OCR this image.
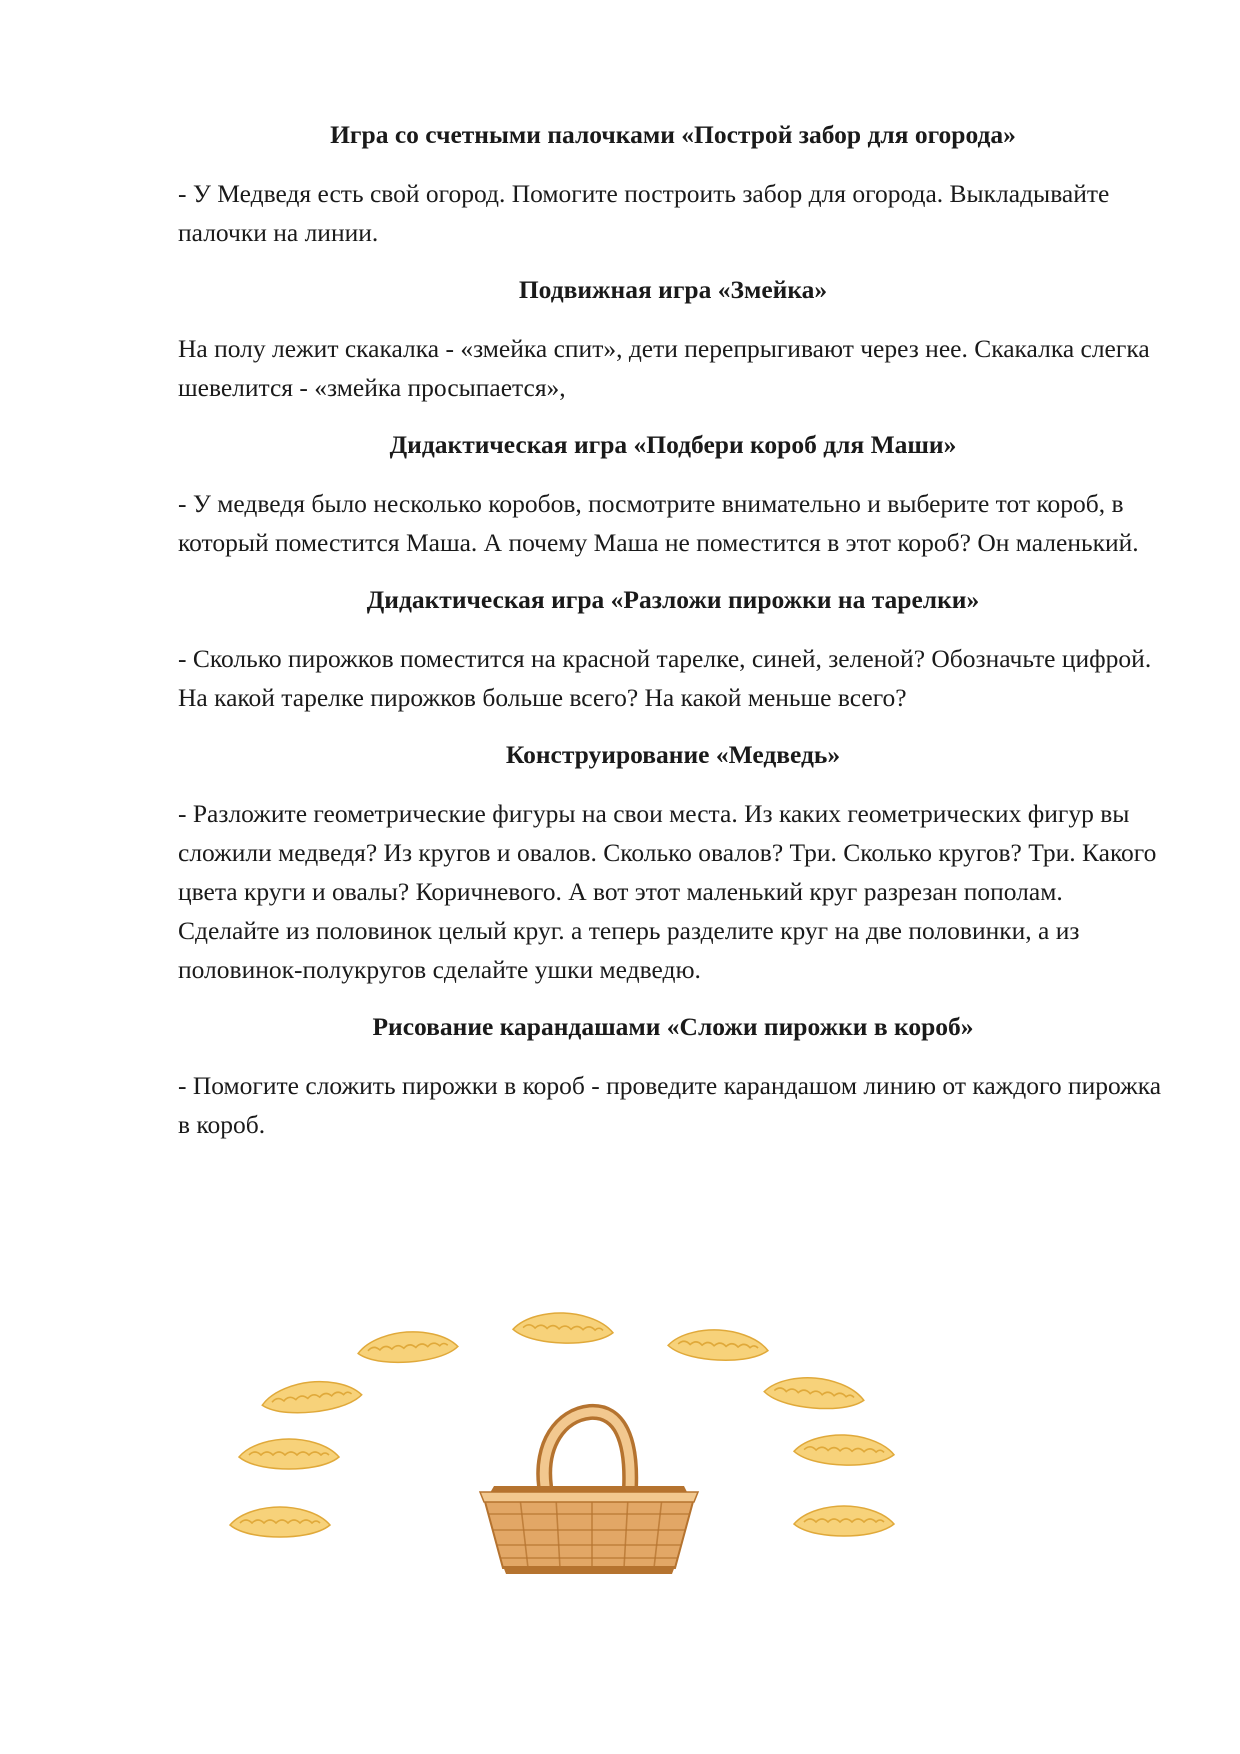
Игра со счетными палочками «Построй забор для огорода»

- У Медведя есть свой огород. Помогите построить забор для огорода. Выкладывайте палочки на линии.

Подвижная игра «Змейка»

На полу лежит скакалка - «змейка спит», дети перепрыгивают через нее. Скакалка слегка шевелится - «змейка просыпается»,

Дидактическая игра «Подбери короб для Маши»

- У медведя было несколько коробов, посмотрите внимательно и выберите тот короб, в который поместится Маша. А почему Маша не поместится в этот короб? Он маленький.

Дидактическая игра «Разложи пирожки на тарелки»

- Сколько пирожков поместится на красной тарелке, синей, зеленой? Обозначьте цифрой. На какой тарелке пирожков больше всего? На какой меньше всего?

Конструирование «Медведь»

- Разложите геометрические фигуры на свои места. Из каких геометрических фигур вы сложили медведя? Из кругов и овалов. Сколько овалов? Три. Сколько кругов? Три. Какого цвета круги и овалы? Коричневого. А вот этот маленький круг разрезан пополам. Сделайте из половинок целый круг. а теперь разделите круг на две половинки, а из половинок-полукругов сделайте ушки медведю.

Рисование карандашами «Сложи пирожки в короб»

- Помогите сложить пирожки в короб - проведите карандашом линию от каждого пирожка в короб.
